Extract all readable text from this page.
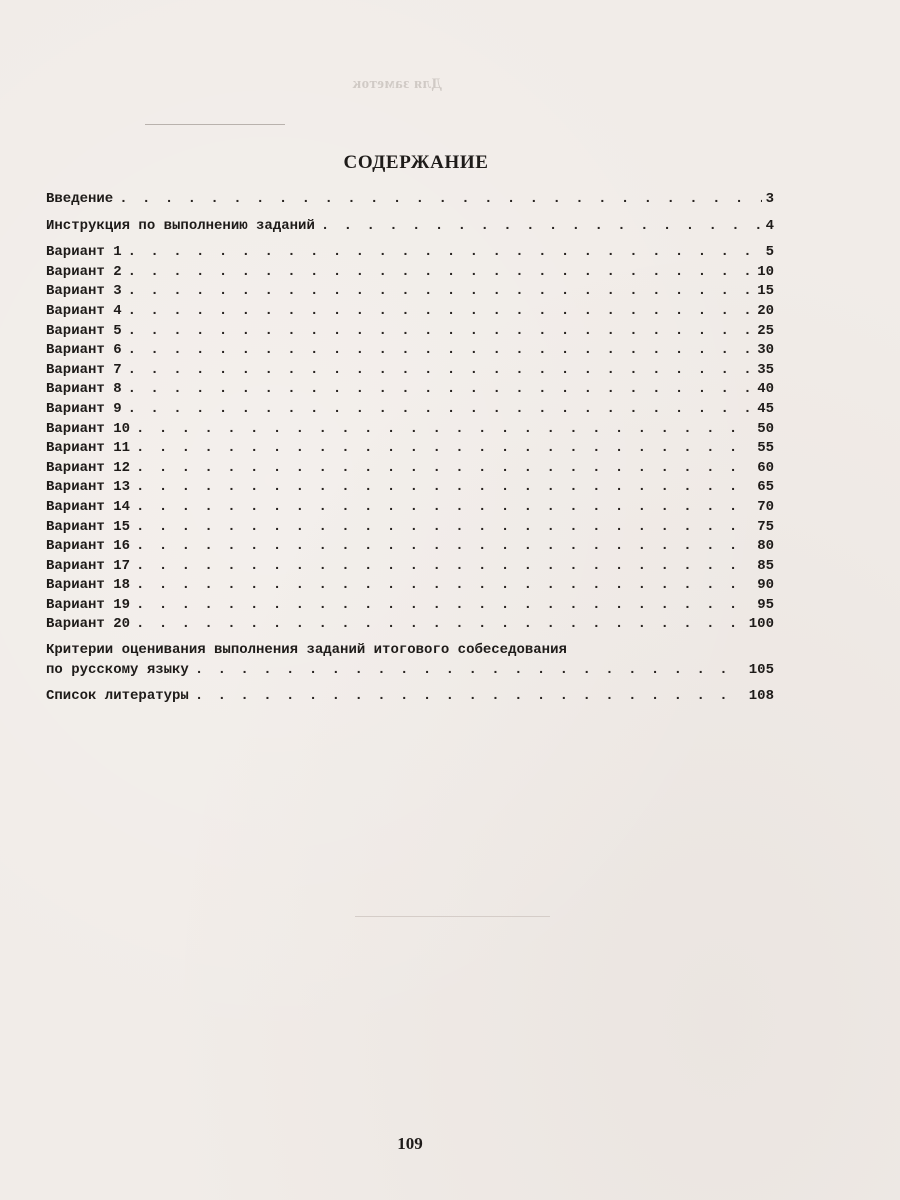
Для заметок
СОДЕРЖАНИЕ
Введение . . .	3
Инструкция по выполнению заданий . . .	4
Вариант 1 . . .	5
Вариант 2 . . .	10
Вариант 3 . . .	15
Вариант 4 . . .	20
Вариант 5 . . .	25
Вариант 6 . . .	30
Вариант 7 . . .	35
Вариант 8 . . .	40
Вариант 9 . . .	45
Вариант 10 . . .	50
Вариант 11 . . .	55
Вариант 12 . . .	60
Вариант 13 . . .	65
Вариант 14 . . .	70
Вариант 15 . . .	75
Вариант 16 . . .	80
Вариант 17 . . .	85
Вариант 18 . . .	90
Вариант 19 . . .	95
Вариант 20 . . .	100
Критерии оценивания выполнения заданий итогового собеседования
по русскому языку . . .	105
Список литературы . . .	108
109
